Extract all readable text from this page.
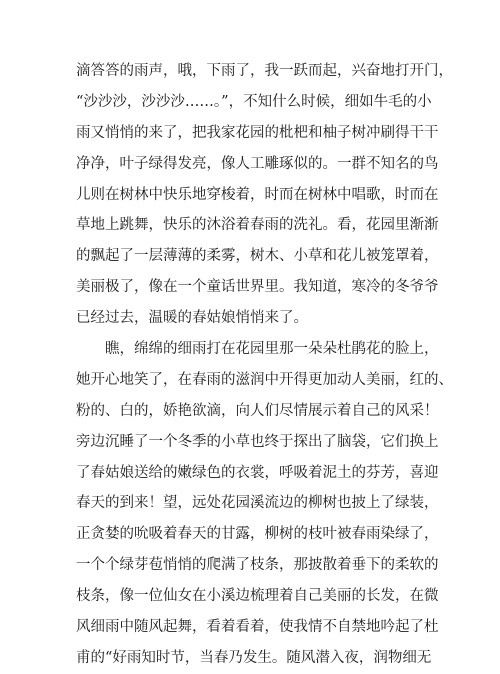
滴答答的雨声，哦，下雨了，我一跃而起，兴奋地打开门，
“沙沙沙，沙沙沙……。”，不知什么时候，细如牛毛的小
雨又悄悄的来了，把我家花园的枇杷和柚子树冲刷得干干
净净，叶子绿得发亮，像人工雕琢似的。一群不知名的鸟
儿则在树林中快乐地穿梭着，时而在树林中唱歌，时而在
草地上跳舞，快乐的沐浴着春雨的洗礼。看，花园里渐渐
的飘起了一层薄薄的柔雾，树木、小草和花儿被笼罩着，
美丽极了，像在一个童话世界里。我知道，寒冷的冬爷爷
已经过去，温暖的春姑娘悄悄来了。
瞧，绵绵的细雨打在花园里那一朵朵杜鹃花的脸上，
她开心地笑了，在春雨的滋润中开得更加动人美丽，红的、
粉的、白的，娇艳欲滴，向人们尽情展示着自己的风采！
旁边沉睡了一个冬季的小草也终于探出了脑袋，它们换上
了春姑娘送给的嫩绿色的衣裳，呼吸着泥土的芬芳，喜迎
春天的到来！望，远处花园溪流边的柳树也披上了绿装，
正贪婪的吮吸着春天的甘露，柳树的枝叶被春雨染绿了，
一个个绿芽苞悄悄的爬满了枝条，那披散着垂下的柔软的
枝条，像一位仙女在小溪边梳理着自己美丽的长发，在微
风细雨中随风起舞，看着看着，使我情不自禁地吟起了杜
甫的“好雨知时节，当春乃发生。随风潜入夜，润物细无
